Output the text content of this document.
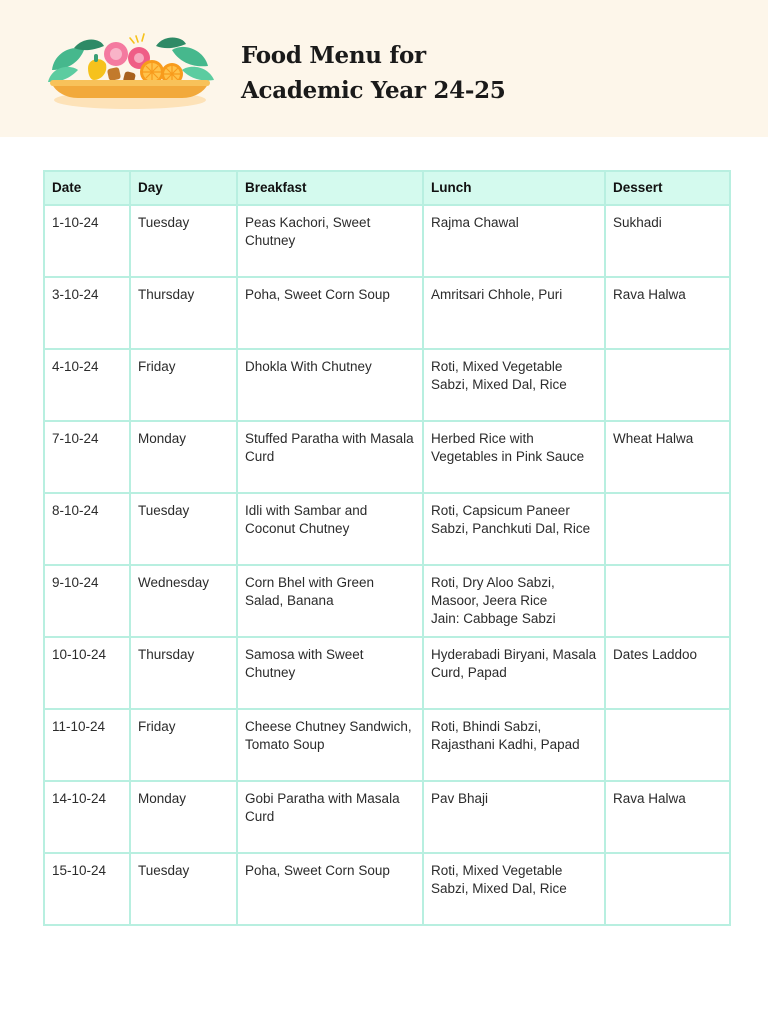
Food Menu for
Academic Year 24-25
Date	Day	Breakfast	Lunch	Dessert
1-10-24	Tuesday	Peas Kachori, Sweet Chutney	Rajma Chawal	Sukhadi
3-10-24	Thursday	Poha, Sweet Corn Soup	Amritsari Chhole, Puri	Rava Halwa
4-10-24	Friday	Dhokla With Chutney	Roti, Mixed Vegetable Sabzi, Mixed Dal, Rice	
7-10-24	Monday	Stuffed Paratha with Masala Curd	Herbed Rice with Vegetables in Pink Sauce	Wheat Halwa
8-10-24	Tuesday	Idli with Sambar and Coconut Chutney	Roti, Capsicum Paneer Sabzi, Panchkuti Dal, Rice	
9-10-24	Wednesday	Corn Bhel with Green Salad, Banana	Roti, Dry Aloo Sabzi, Masoor, Jeera Rice
Jain: Cabbage Sabzi	

10-10-24	Thursday	Samosa with Sweet Chutney	Hyderabadi Biryani, Masala Curd, Papad	Dates Laddoo
11-10-24	Friday	Cheese Chutney Sandwich, Tomato Soup	Roti, Bhindi Sabzi, Rajasthani Kadhi, Papad	
14-10-24	Monday	Gobi Paratha with Masala Curd	Pav Bhaji	Rava Halwa
15-10-24	Tuesday	Poha, Sweet Corn Soup	Roti, Mixed Vegetable Sabzi, Mixed Dal, Rice	
